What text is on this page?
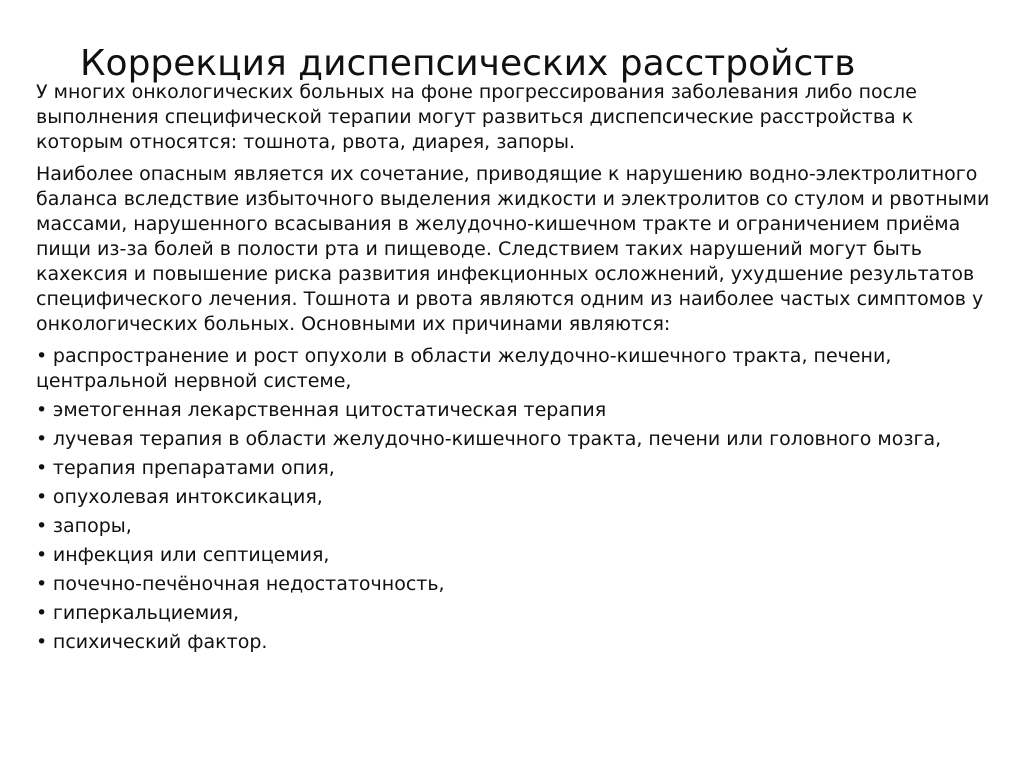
Коррекция диспепсических расстройств

У многих онкологических больных на фоне прогрессирования заболевания либо после выполнения специфической терапии могут развиться диспепсические расстройства к которым относятся: тошнота, рвота, диарея, запоры.

Наиболее опасным является их сочетание, приводящие к нарушению водно-электролитного баланса вследствие избыточного выделения жидкости и электролитов со стулом и рвотными массами, нарушенного всасывания в желудочно-кишечном тракте и ограничением приёма пищи из-за болей в полости рта и пищеводе. Следствием таких нарушений могут быть кахексия и повышение риска развития инфекционных осложнений, ухудшение результатов специфического лечения. Тошнота и рвота являются одним из наиболее частых симптомов у онкологических больных. Основными их причинами являются:

• распространение и рост опухоли в области желудочно-кишечного тракта, печени, центральной нервной системе,
• эметогенная лекарственная цитостатическая терапия
• лучевая терапия в области желудочно-кишечного тракта, печени или головного мозга,
• терапия препаратами опия,
• опухолевая интоксикация,
• запоры,
• инфекция или септицемия,
• почечно-печёночная недостаточность,
• гиперкальциемия,
• психический фактор.
